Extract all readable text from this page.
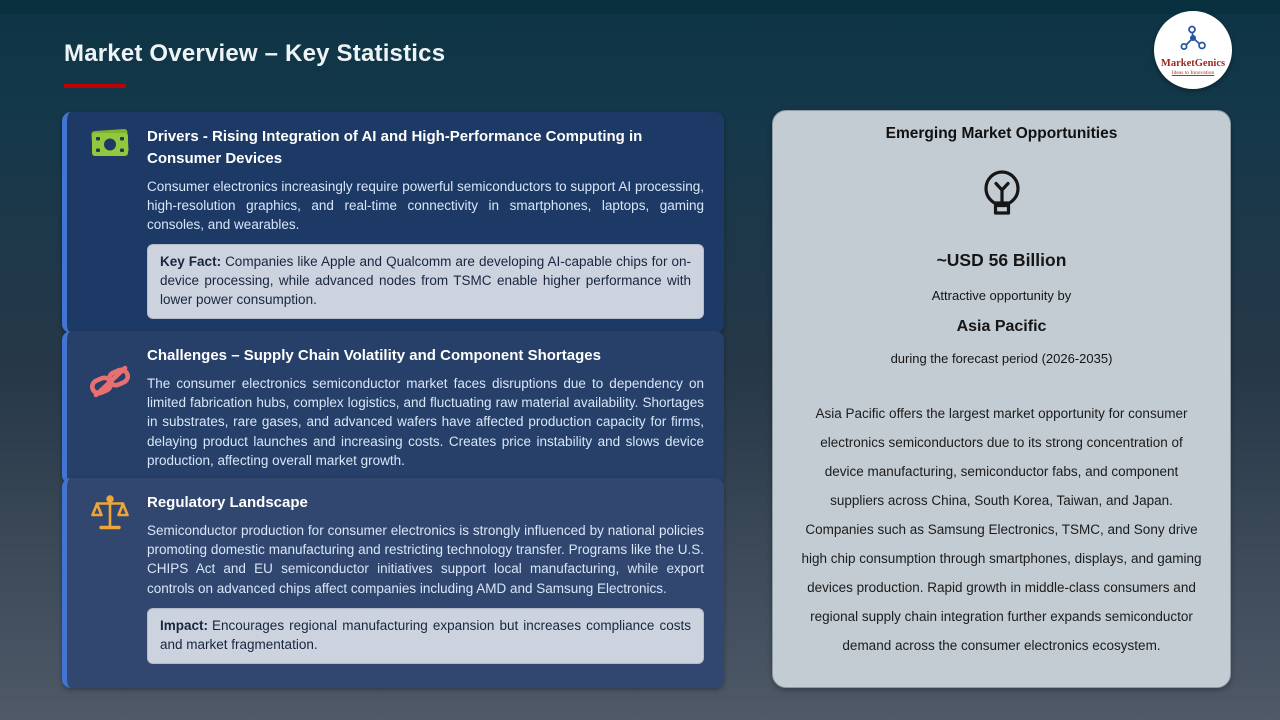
Market Overview – Key Statistics	MarketGenics
Ideas to Innovation
Drivers - Rising Integration of AI and High-Performance Computing in Consumer Devices

Consumer electronics increasingly require powerful semiconductors to support AI processing, high-resolution graphics, and real-time connectivity in smartphones, laptops, gaming consoles, and wearables.

Key Fact: Companies like Apple and Qualcomm are developing AI-capable chips for on-device processing, while advanced nodes from TSMC enable higher performance with lower power consumption.
Challenges – Supply Chain Volatility and Component Shortages

The consumer electronics semiconductor market faces disruptions due to dependency on limited fabrication hubs, complex logistics, and fluctuating raw material availability. Shortages in substrates, rare gases, and advanced wafers have affected production capacity for firms, delaying product launches and increasing costs. Creates price instability and slows device production, affecting overall market growth.

Regulatory Landscape

Semiconductor production for consumer electronics is strongly influenced by national policies promoting domestic manufacturing and restricting technology transfer. Programs like the U.S. CHIPS Act and EU semiconductor initiatives support local manufacturing, while export controls on advanced chips affect companies including AMD and Samsung Electronics.

Impact: Encourages regional manufacturing expansion but increases compliance costs and market fragmentation.
Emerging Market Opportunities
~USD 56 Billion
Attractive opportunity by
Asia Pacific
during the forecast period (2026-2035)

Asia Pacific offers the largest market opportunity for consumer electronics semiconductors due to its strong concentration of device manufacturing, semiconductor fabs, and component suppliers across China, South Korea, Taiwan, and Japan. Companies such as Samsung Electronics, TSMC, and Sony drive high chip consumption through smartphones, displays, and gaming devices production. Rapid growth in middle-class consumers and regional supply chain integration further expands semiconductor demand across the consumer electronics ecosystem.
